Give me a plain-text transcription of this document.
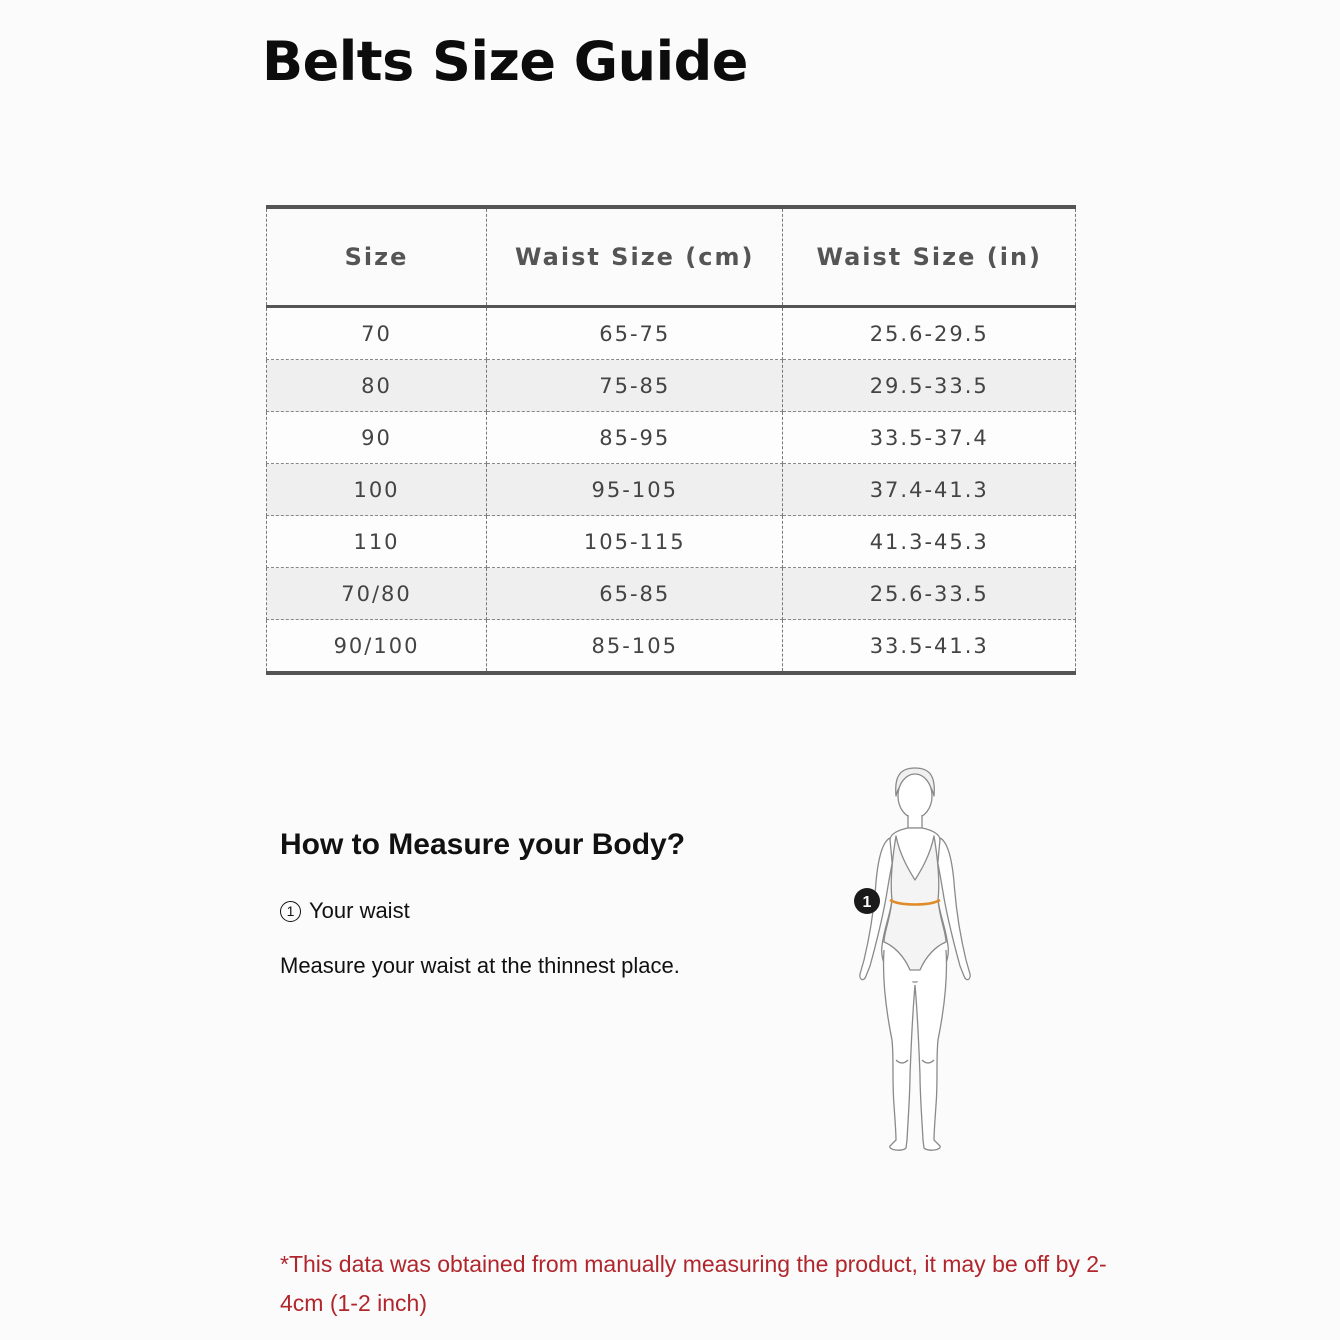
Belts Size Guide
Size	Waist Size (cm)	Waist Size (in)
70	65-75	25.6-29.5
80	75-85	29.5-33.5
90	85-95	33.5-37.4
100	95-105	37.4-41.3
110	105-115	41.3-45.3
70/80	65-85	25.6-33.5
90/100	85-105	33.5-41.3
How to Measure your Body?
1 Your waist
Measure your waist at the thinnest place.
1
*This data was obtained from manually measuring the product, it may be off by 2-4cm (1-2 inch)
